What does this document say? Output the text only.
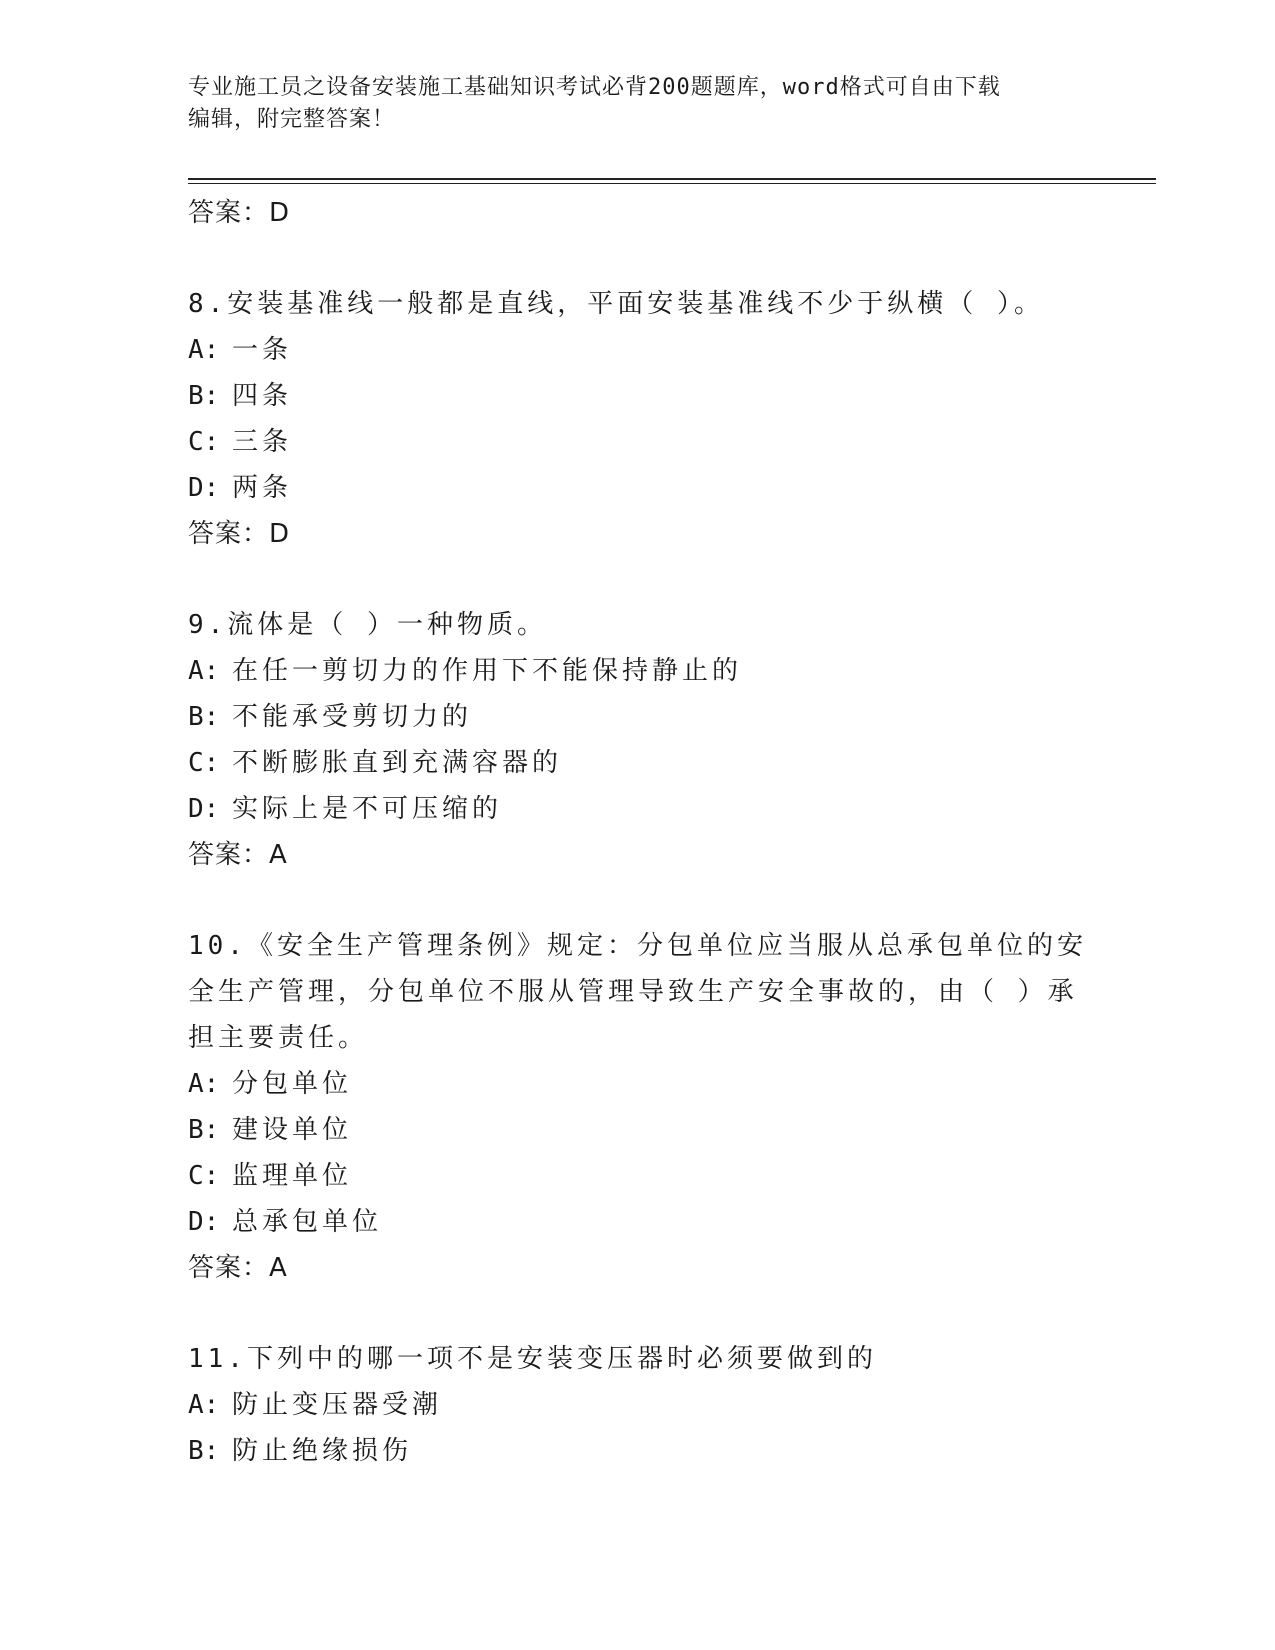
专业施工员之设备安装施工基础知识考试必背200题题库，word格式可自由下载
编辑，附完整答案！

答案：D

8.安装基准线一般都是直线，平面安装基准线不少于纵横（ ）。

A: 一条

B: 四条

C: 三条

D: 两条

答案：D

9.流体是（ ）一种物质。

A: 在任一剪切力的作用下不能保持静止的

B: 不能承受剪切力的

C: 不断膨胀直到充满容器的

D: 实际上是不可压缩的

答案：A

10.《安全生产管理条例》规定：分包单位应当服从总承包单位的安全生产管理，分包单位不服从管理导致生产安全事故的，由（ ）承担主要责任。

A: 分包单位

B: 建设单位

C: 监理单位

D: 总承包单位

答案：A

11.下列中的哪一项不是安装变压器时必须要做到的

A: 防止变压器受潮

B: 防止绝缘损伤
